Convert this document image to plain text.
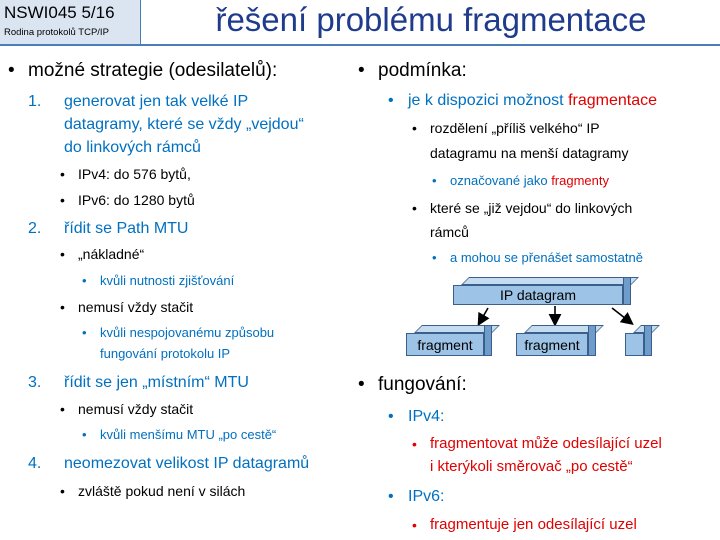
NSWI045 5/16
Rodina protokolů TCP/IP	řešení problému fragmentace
• možné strategie (odesilatelů):
1. generovat jen tak velké IP
datagramy, které se vždy „vejdou“
do linkových rámců
• IPv4: do 576 bytů,
• IPv6: do 1280 bytů
2. řídit se Path MTU
• „nákladné“
• kvůli nutnosti zjišťování
• nemusí vždy stačit
• kvůli nespojovanému způsobu
fungování protokolu IP
3. řídit se jen „místním“ MTU
• nemusí vždy stačit
• kvůli menšímu MTU „po cestě“
4. neomezovat velikost IP datagramů
• zvláště pokud není v silách
• podmínka:
• je k dispozici možnost fragmentace
• rozdělení „příliš velkého“ IP
datagramu na menší datagramy
• označované jako fragmenty
• které se „již vejdou“ do linkových
rámců
• a mohou se přenášet samostatně
IP datagram
fragment	fragment
• fungování:
• IPv4:
• fragmentovat může odesílající uzel
i kterýkoli směrovač „po cestě“
• IPv6:
• fragmentuje jen odesílající uzel
